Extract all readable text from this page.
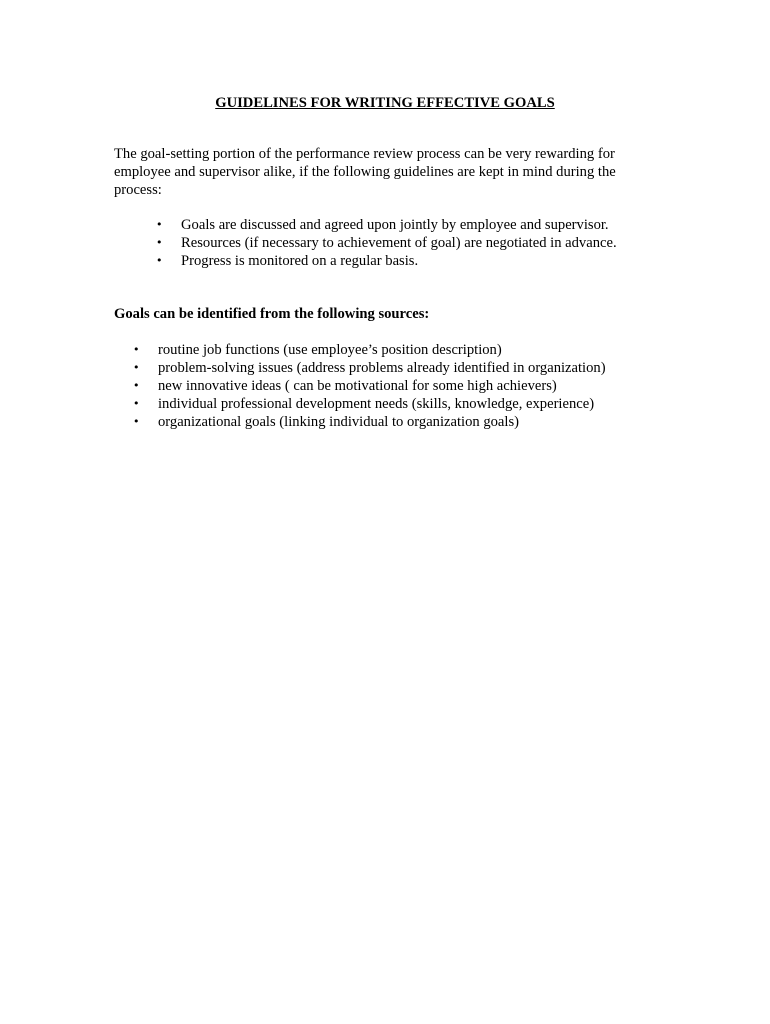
GUIDELINES FOR WRITING EFFECTIVE GOALS

The goal-setting portion of the performance review process can be very rewarding for employee and supervisor alike, if the following guidelines are kept in mind during the process:

• Goals are discussed and agreed upon jointly by employee and supervisor.
• Resources (if necessary to achievement of goal) are negotiated in advance.
• Progress is monitored on a regular basis.

Goals can be identified from the following sources:

• routine job functions (use employee’s position description)
• problem-solving issues (address problems already identified in organization)
• new innovative ideas ( can be motivational for some high achievers)
• individual professional development needs (skills, knowledge, experience)
• organizational goals (linking individual to organization goals)
